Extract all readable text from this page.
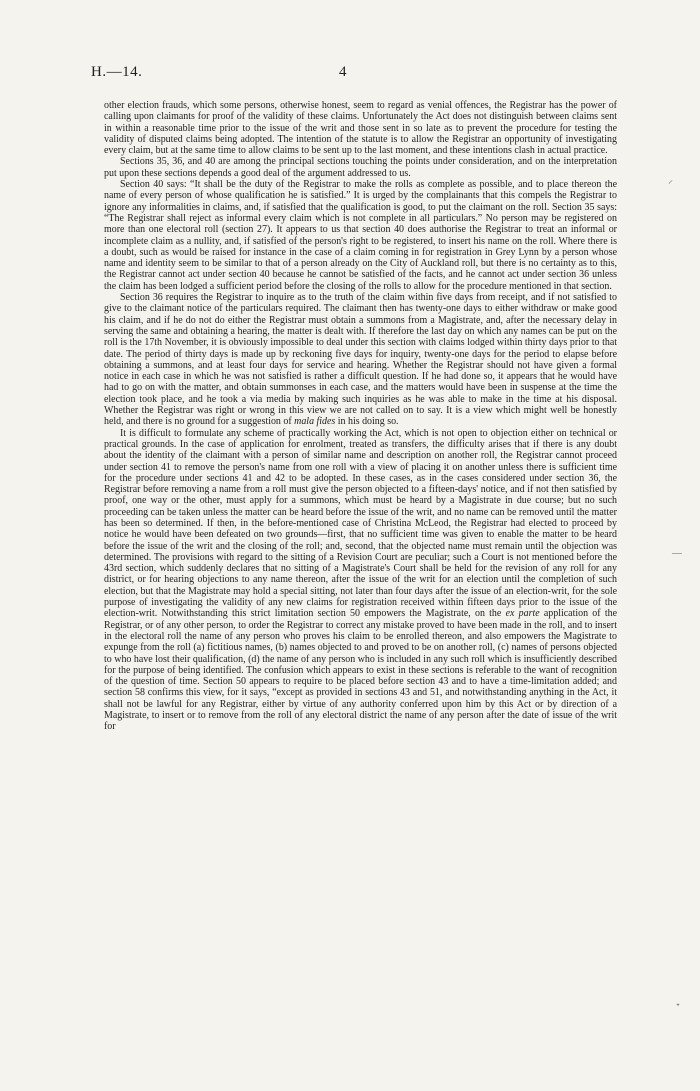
H.—14.	4

other election frauds, which some persons, otherwise honest, seem to regard as venial offences, the Registrar has the power of calling upon claimants for proof of the validity of these claims. Unfortunately the Act does not distinguish between claims sent in within a reasonable time prior to the issue of the writ and those sent in so late as to prevent the procedure for testing the validity of disputed claims being adopted. The intention of the statute is to allow the Registrar an opportunity of investigating every claim, but at the same time to allow claims to be sent up to the last moment, and these intentions clash in actual practice.

Sections 35, 36, and 40 are among the principal sections touching the points under consideration, and on the interpretation put upon these sections depends a good deal of the argument addressed to us.

Section 40 says: “It shall be the duty of the Registrar to make the rolls as complete as possible, and to place thereon the name of every person of whose qualification he is satisfied.” It is urged by the complainants that this compels the Registrar to ignore any informalities in claims, and, if satisfied that the qualification is good, to put the claimant on the roll. Section 35 says: “The Registrar shall reject as informal every claim which is not complete in all particulars.” No person may be registered on more than one electoral roll (section 27). It appears to us that section 40 does authorise the Registrar to treat an informal or incomplete claim as a nullity, and, if satisfied of the person's right to be registered, to insert his name on the roll. Where there is a doubt, such as would be raised for instance in the case of a claim coming in for registration in Grey Lynn by a person whose name and identity seem to be similar to that of a person already on the City of Auckland roll, but there is no certainty as to this, the Registrar cannot act under section 40 because he cannot be satisfied of the facts, and he cannot act under section 36 unless the claim has been lodged a sufficient period before the closing of the rolls to allow for the procedure mentioned in that section.

Section 36 requires the Registrar to inquire as to the truth of the claim within five days from receipt, and if not satisfied to give to the claimant notice of the particulars required. The claimant then has twenty-one days to either withdraw or make good his claim, and if he do not do either the Registrar must obtain a summons from a Magistrate, and, after the necessary delay in serving the same and obtaining a hearing, the matter is dealt with. If therefore the last day on which any names can be put on the roll is the 17th November, it is obviously impossible to deal under this section with claims lodged within thirty days prior to that date. The period of thirty days is made up by reckoning five days for inquiry, twenty-one days for the period to elapse before obtaining a summons, and at least four days for service and hearing. Whether the Registrar should not have given a formal notice in each case in which he was not satisfied is rather a difficult question. If he had done so, it appears that he would have had to go on with the matter, and obtain summonses in each case, and the matters would have been in suspense at the time the election took place, and he took a via media by making such inquiries as he was able to make in the time at his disposal. Whether the Registrar was right or wrong in this view we are not called on to say. It is a view which might well be honestly held, and there is no ground for a suggestion of mala fides in his doing so.

It is difficult to formulate any scheme of practically working the Act, which is not open to objection either on technical or practical grounds. In the case of application for enrolment, treated as transfers, the difficulty arises that if there is any doubt about the identity of the claimant with a person of similar name and description on another roll, the Registrar cannot proceed under section 41 to remove the person's name from one roll with a view of placing it on another unless there is sufficient time for the procedure under sections 41 and 42 to be adopted. In these cases, as in the cases considered under section 36, the Registrar before removing a name from a roll must give the person objected to a fifteen-days' notice, and if not then satisfied by proof, one way or the other, must apply for a summons, which must be heard by a Magistrate in due course; but no such proceeding can be taken unless the matter can be heard before the issue of the writ, and no name can be removed until the matter has been so determined. If then, in the before-mentioned case of Christina McLeod, the Registrar had elected to proceed by notice he would have been defeated on two grounds—first, that no sufficient time was given to enable the matter to be heard before the issue of the writ and the closing of the roll; and, second, that the objected name must remain until the objection was determined. The provisions with regard to the sitting of a Revision Court are peculiar; such a Court is not mentioned before the 43rd section, which suddenly declares that no sitting of a Magistrate's Court shall be held for the revision of any roll for any district, or for hearing objections to any name thereon, after the issue of the writ for an election until the completion of such election, but that the Magistrate may hold a special sitting, not later than four days after the issue of an election-writ, for the sole purpose of investigating the validity of any new claims for registration received within fifteen days prior to the issue of the election-writ. Notwithstanding this strict limitation section 50 empowers the Magistrate, on the ex parte application of the Registrar, or of any other person, to order the Registrar to correct any mistake proved to have been made in the roll, and to insert in the electoral roll the name of any person who proves his claim to be enrolled thereon, and also empowers the Magistrate to expunge from the roll (a) fictitious names, (b) names objected to and proved to be on another roll, (c) names of persons objected to who have lost their qualification, (d) the name of any person who is included in any such roll which is insufficiently described for the purpose of being identified. The confusion which appears to exist in these sections is referable to the want of recognition of the question of time. Section 50 appears to require to be placed before section 43 and to have a time-limitation added; and section 58 confirms this view, for it says, “except as provided in sections 43 and 51, and notwithstanding anything in the Act, it shall not be lawful for any Registrar, either by virtue of any authority conferred upon him by this Act or by direction of a Magistrate, to insert or to remove from the roll of any electoral district the name of any person after the date of issue of the writ for

⸝
—
ᐩ
